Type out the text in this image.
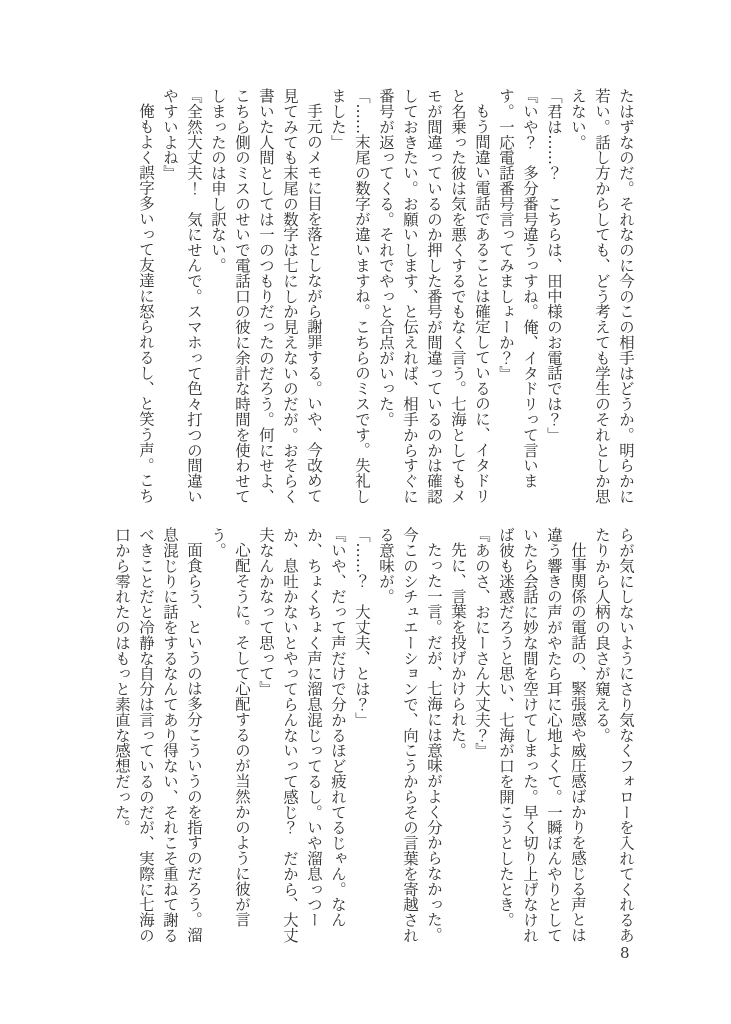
たはずなのだ。それなのに今のこの相手はどうか。明らかに若い。話し方からしても、どう考えても学生のそれとしか思えない。

「君は……？　こちらは、田中様のお電話では？」

『いや？　多分番号違うっすね。俺、イタドリって言います。一応電話番号言ってみましょーか？』

もう間違い電話であることは確定しているのに、イタドリと名乗った彼は気を悪くするでもなく言う。七海としてもメモが間違っているのか押した番号が間違っているのかは確認しておきたい。お願いします、と伝えれば、相手からすぐに番号が返ってくる。それでやっと合点がいった。

「……末尾の数字が違いますね。こちらのミスです。失礼しました」

手元のメモに目を落としながら謝罪する。いや、今改めて見てみても末尾の数字は七にしか見えないのだが。おそらく書いた人間としては一のつもりだったのだろう。何にせよ、こちら側のミスのせいで電話口の彼に余計な時間を使わせてしまったのは申し訳ない。

『全然大丈夫！　気にせんで。スマホって色々打つの間違いやすいよね』

俺もよく誤字多いって友達に怒られるし、と笑う声。こち

らが気にしないようにさり気なくフォローを入れてくれるあたりから人柄の良さが窺える。

仕事関係の電話の、緊張感や威圧感ばかりを感じる声とは違う響きの声がやたら耳に心地よくて。一瞬ぼんやりとしていたら会話に妙な間を空けてしまった。早く切り上げなければ彼も迷惑だろうと思い、七海が口を開こうとしたとき。

『あのさ、おにーさん大丈夫？』

先に、言葉を投げかけられた。

たった一言。だが、七海には意味がよく分からなかった。今このシチュエーションで、向こうからその言葉を寄越される意味が。

「……？　大丈夫、とは？」

『いや、だって声だけで分かるほど疲れてるじゃん。なんか、ちょくちょく声に溜息混じってるし。いや溜息っつーか、息吐かないとやってらんないって感じ？　だから、大丈夫なんかなって思って』

心配そうに。そして心配するのが当然かのように彼が言う。

面食らう、というのは多分こういうのを指すのだろう。溜息混じりに話をするなんてあり得ない、それこそ重ねて謝るべきことだと冷静な自分は言っているのだが、実際に七海の口から零れたのはもっと素直な感想だった。

8
